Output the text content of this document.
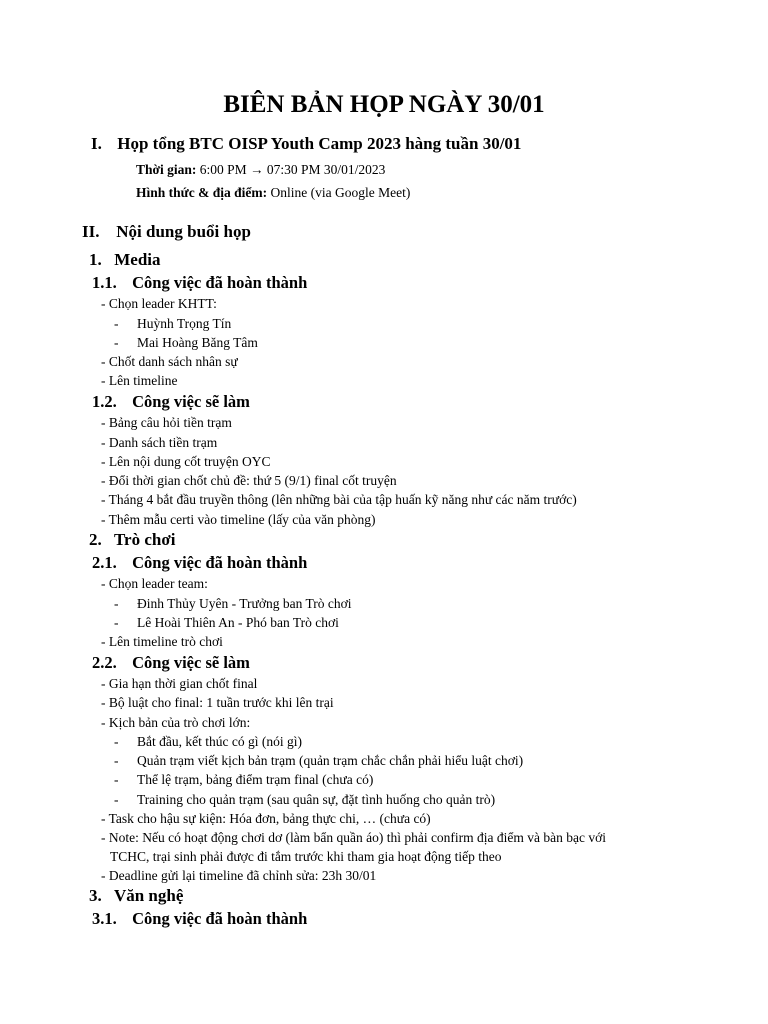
BIÊN BẢN HỌP NGÀY 30/01
I. Họp tổng BTC OISP Youth Camp 2023 hàng tuần 30/01
Thời gian: 6:00 PM → 07:30 PM 30/01/2023
Hình thức & địa điểm: Online (via Google Meet)
II. Nội dung buổi họp
1. Media
1.1. Công việc đã hoàn thành
- Chọn leader KHTT:
- Huỳnh Trọng Tín
- Mai Hoàng Băng Tâm
- Chốt danh sách nhân sự
- Lên timeline
1.2. Công việc sẽ làm
- Bảng câu hỏi tiền trạm
- Danh sách tiền trạm
- Lên nội dung cốt truyện OYC
- Đổi thời gian chốt chủ đề: thứ 5 (9/1) final cốt truyện
- Tháng 4 bắt đầu truyền thông (lên những bài của tập huấn kỹ năng như các năm trước)
- Thêm mẫu certi vào timeline (lấy của văn phòng)
2. Trò chơi
2.1. Công việc đã hoàn thành
- Chọn leader team:
- Đinh Thủy Uyên - Trưởng ban Trò chơi
- Lê Hoài Thiên An - Phó ban Trò chơi
- Lên timeline trò chơi
2.2. Công việc sẽ làm
- Gia hạn thời gian chốt final
- Bộ luật cho final: 1 tuần trước khi lên trại
- Kịch bản của trò chơi lớn:
- Bắt đầu, kết thúc có gì (nói gì)
- Quản trạm viết kịch bản trạm (quản trạm chắc chắn phải hiểu luật chơi)
- Thể lệ trạm, bảng điểm trạm final (chưa có)
- Training cho quản trạm (sau quân sự, đặt tình huống cho quản trò)
- Task cho hậu sự kiện: Hóa đơn, bảng thực chi, … (chưa có)
- Note: Nếu có hoạt động chơi dơ (làm bẩn quần áo) thì phải confirm địa điểm và bàn bạc với
TCHC, trại sinh phải được đi tắm trước khi tham gia hoạt động tiếp theo
- Deadline gửi lại timeline đã chỉnh sửa: 23h 30/01
3. Văn nghệ
3.1. Công việc đã hoàn thành
